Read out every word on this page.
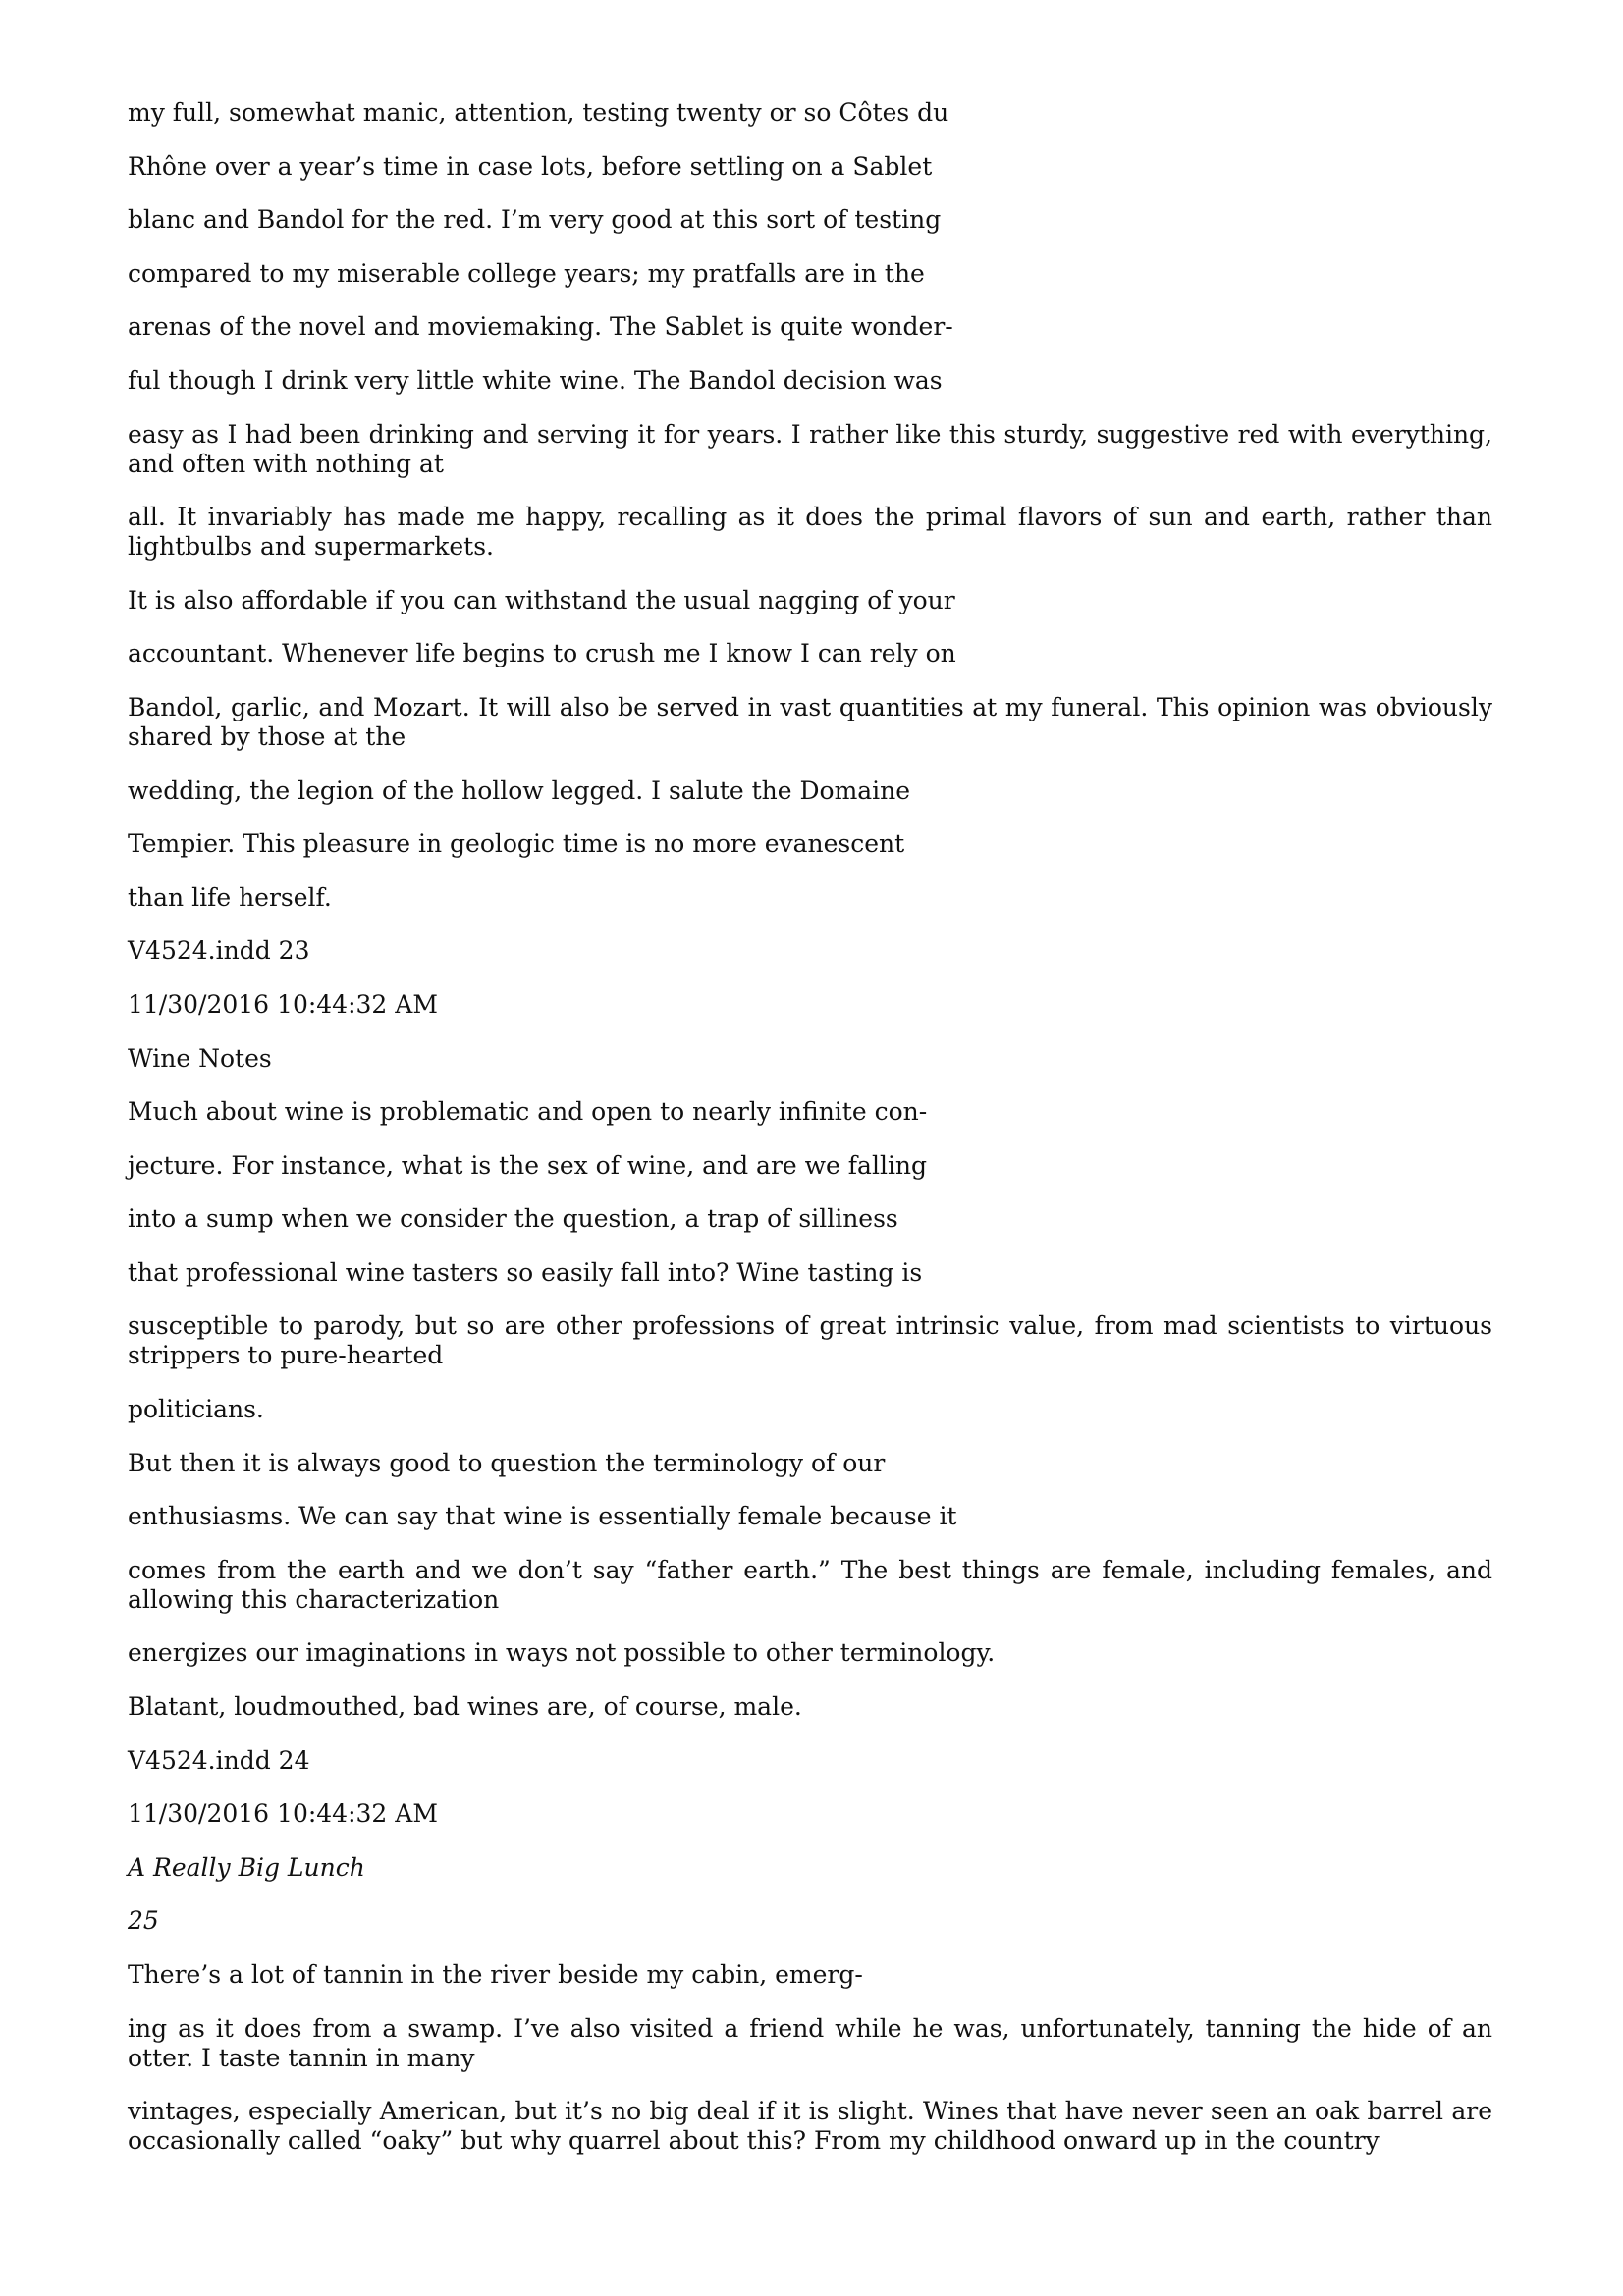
my full, somewhat manic, attention, testing twenty or so Côtes du

Rhône over a year’s time in case lots, before settling on a Sablet

blanc and Bandol for the red. I’m very good at this sort of testing

compared to my miserable college years; my pratfalls are in the

arenas of the novel and moviemaking. The Sablet is quite wonder-

ful though I drink very little white wine. The Bandol decision was

easy as I had been drinking and serving it for years. I rather like this sturdy, suggestive red with everything, and often with nothing at

all. It invariably has made me happy, recalling as it does the primal flavors of sun and earth, rather than lightbulbs and supermarkets.

It is also affordable if you can withstand the usual nagging of your

accountant. Whenever life begins to crush me I know I can rely on

Bandol, garlic, and Mozart. It will also be served in vast quantities at my funeral. This opinion was obviously shared by those at the

wedding, the legion of the hollow legged. I salute the Domaine

Tempier. This pleasure in geologic time is no more evanescent

than life herself.

V4524.indd 23

11/30/2016 10:44:32 AM

Wine Notes

Much about wine is problematic and open to nearly infinite con-

jecture. For instance, what is the sex of wine, and are we falling

into a sump when we consider the question, a trap of silliness

that professional wine tasters so easily fall into? Wine tasting is

susceptible to parody, but so are other professions of great intrinsic value, from mad scientists to virtuous strippers to pure-hearted

politicians.

But then it is always good to question the terminology of our

enthusiasms. We can say that wine is essentially female because it

comes from the earth and we don’t say “father earth.” The best things are female, including females, and allowing this characterization

energizes our imaginations in ways not possible to other terminology.

Blatant, loudmouthed, bad wines are, of course, male.

V4524.indd 24

11/30/2016 10:44:32 AM

A Really Big Lunch

25

There’s a lot of tannin in the river beside my cabin, emerg-

ing as it does from a swamp. I’ve also visited a friend while he was, unfortunately, tanning the hide of an otter. I taste tannin in many

vintages, especially American, but it’s no big deal if it is slight. Wines that have never seen an oak barrel are occasionally called “oaky” but why quarrel about this? From my childhood onward up in the country
